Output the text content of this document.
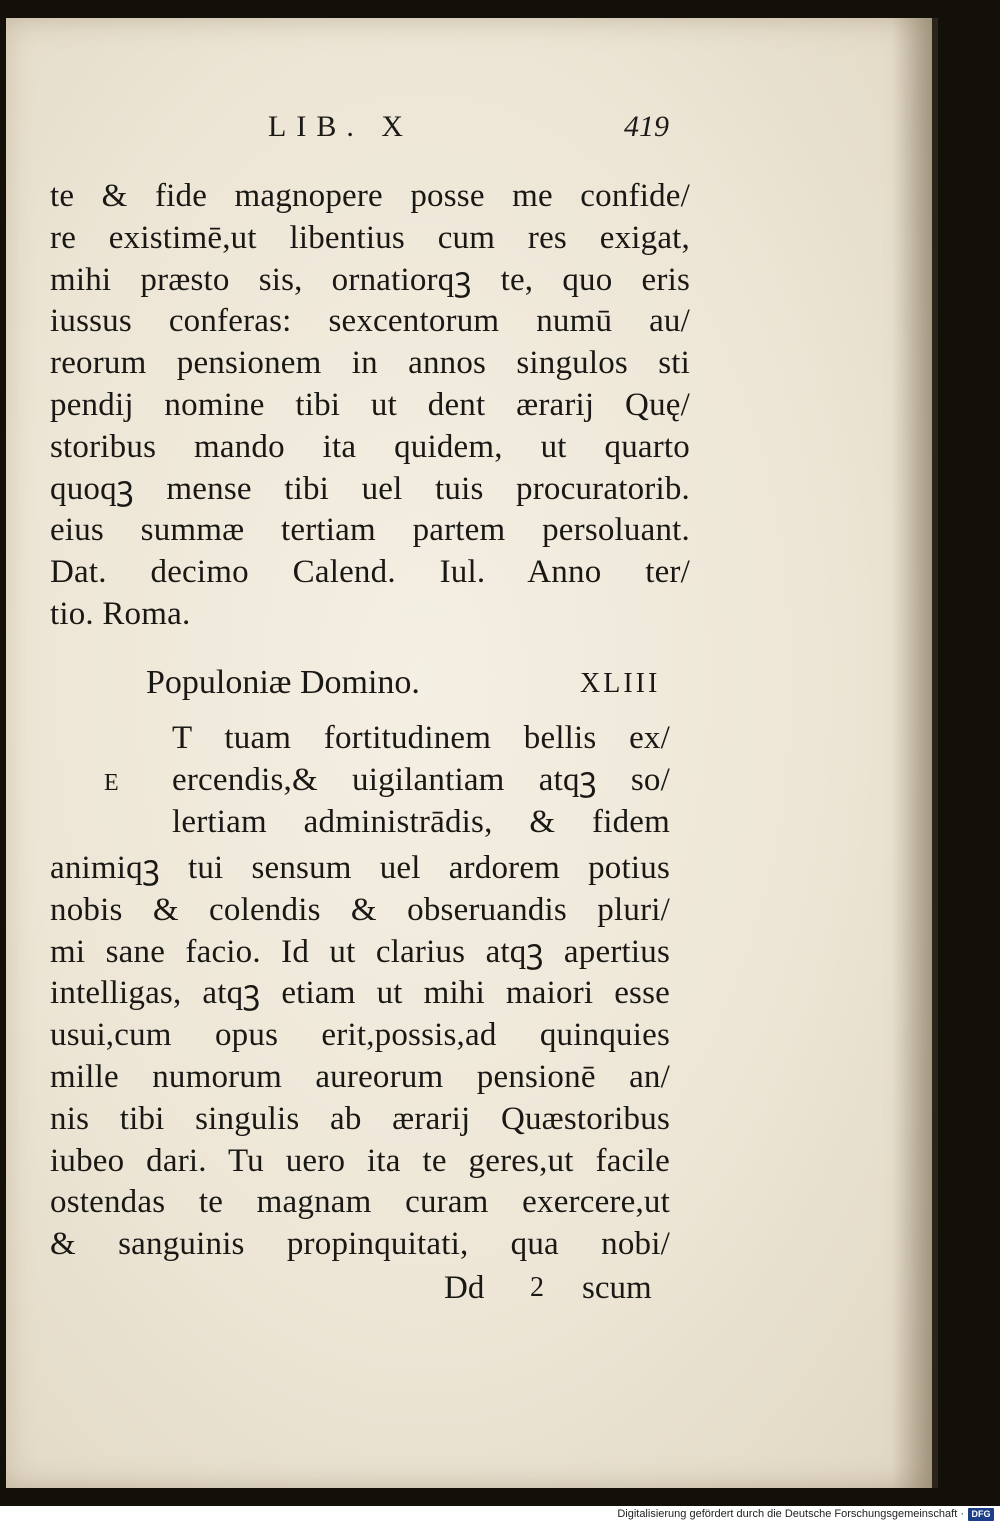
LIB. X	419
te & fide magnopere posse me confide/
re existimē,ut libentius cum res exigat,
mihi præsto sis, ornatiorqꝫ te, quo eris
iussus conferas: sexcentorum numū au/
reorum pensionem in annos singulos sti
pendij nomine tibi ut dent ærarij Quę/
storibus mando ita quidem, ut quarto
quoqꝫ mense tibi uel tuis procuratorib.
eius summæ tertiam partem persoluant.
Dat. decimo Calend. Iul. Anno ter/
tio. Roma.
Populoniæ Domino.	XLIII
E
T tuam fortitudinem bellis ex/
ercendis,& uigilantiam atqꝫ so/
lertiam administrādis, & fidem
animiqꝫ tui sensum uel ardorem potius
nobis & colendis & obseruandis pluri/
mi sane facio. Id ut clarius atqꝫ apertius
intelligas, atqꝫ etiam ut mihi maiori esse
usui,cum opus erit,possis,ad quinquies
mille numorum aureorum pensionē an/
nis tibi singulis ab ærarij Quæstoribus
iubeo dari. Tu uero ita te geres,ut facile
ostendas te magnam curam exercere,ut
& sanguinis propinquitati, qua nobi/
Dd 2 scum
Digitalisierung gefördert durch die Deutsche Forschungsgemeinschaft · DFG
